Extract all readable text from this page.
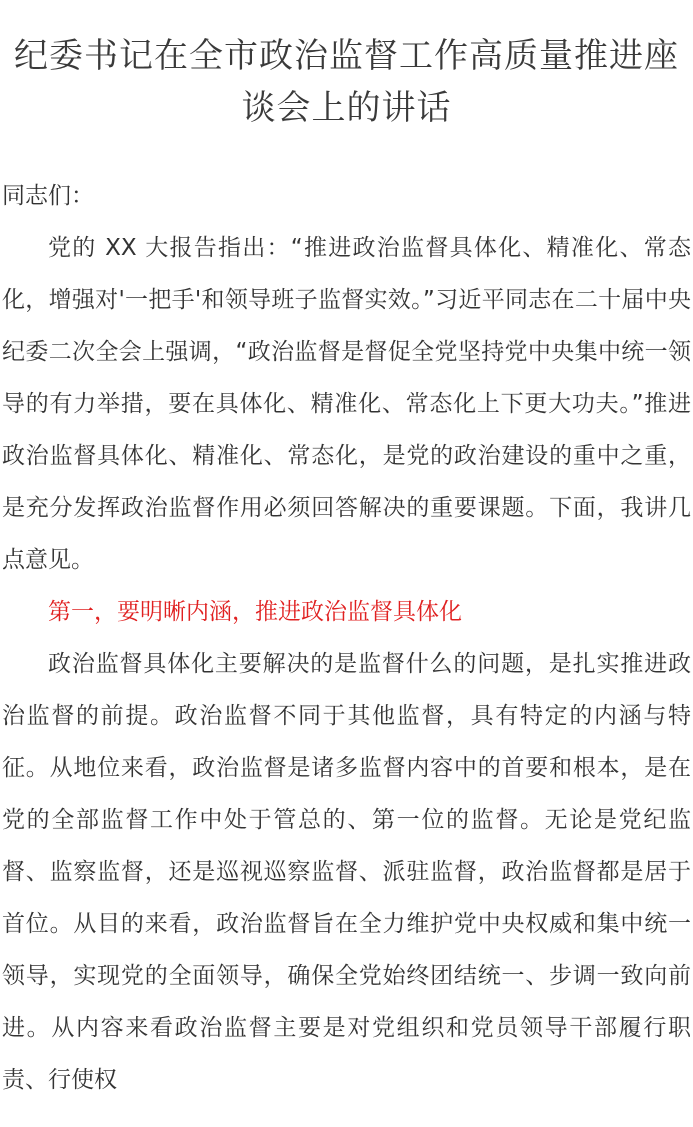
纪委书记在全市政治监督工作高质量推进座谈会上的讲话

同志们：

党的 XX 大报告指出：“推进政治监督具体化、精准化、常态化，增强对'一把手'和领导班子监督实效。”习近平同志在二十届中央纪委二次全会上强调，“政治监督是督促全党坚持党中央集中统一领导的有力举措，要在具体化、精准化、常态化上下更大功夫。”推进政治监督具体化、精准化、常态化，是党的政治建设的重中之重，是充分发挥政治监督作用必须回答解决的重要课题。下面，我讲几点意见。

第一，要明晰内涵，推进政治监督具体化

政治监督具体化主要解决的是监督什么的问题，是扎实推进政治监督的前提。政治监督不同于其他监督，具有特定的内涵与特征。从地位来看，政治监督是诸多监督内容中的首要和根本，是在党的全部监督工作中处于管总的、第一位的监督。无论是党纪监督、监察监督，还是巡视巡察监督、派驻监督，政治监督都是居于首位。从目的来看，政治监督旨在全力维护党中央权威和集中统一领导，实现党的全面领导，确保全党始终团结统一、步调一致向前进。从内容来看政治监督主要是对党组织和党员领导干部履行职责、行使权
